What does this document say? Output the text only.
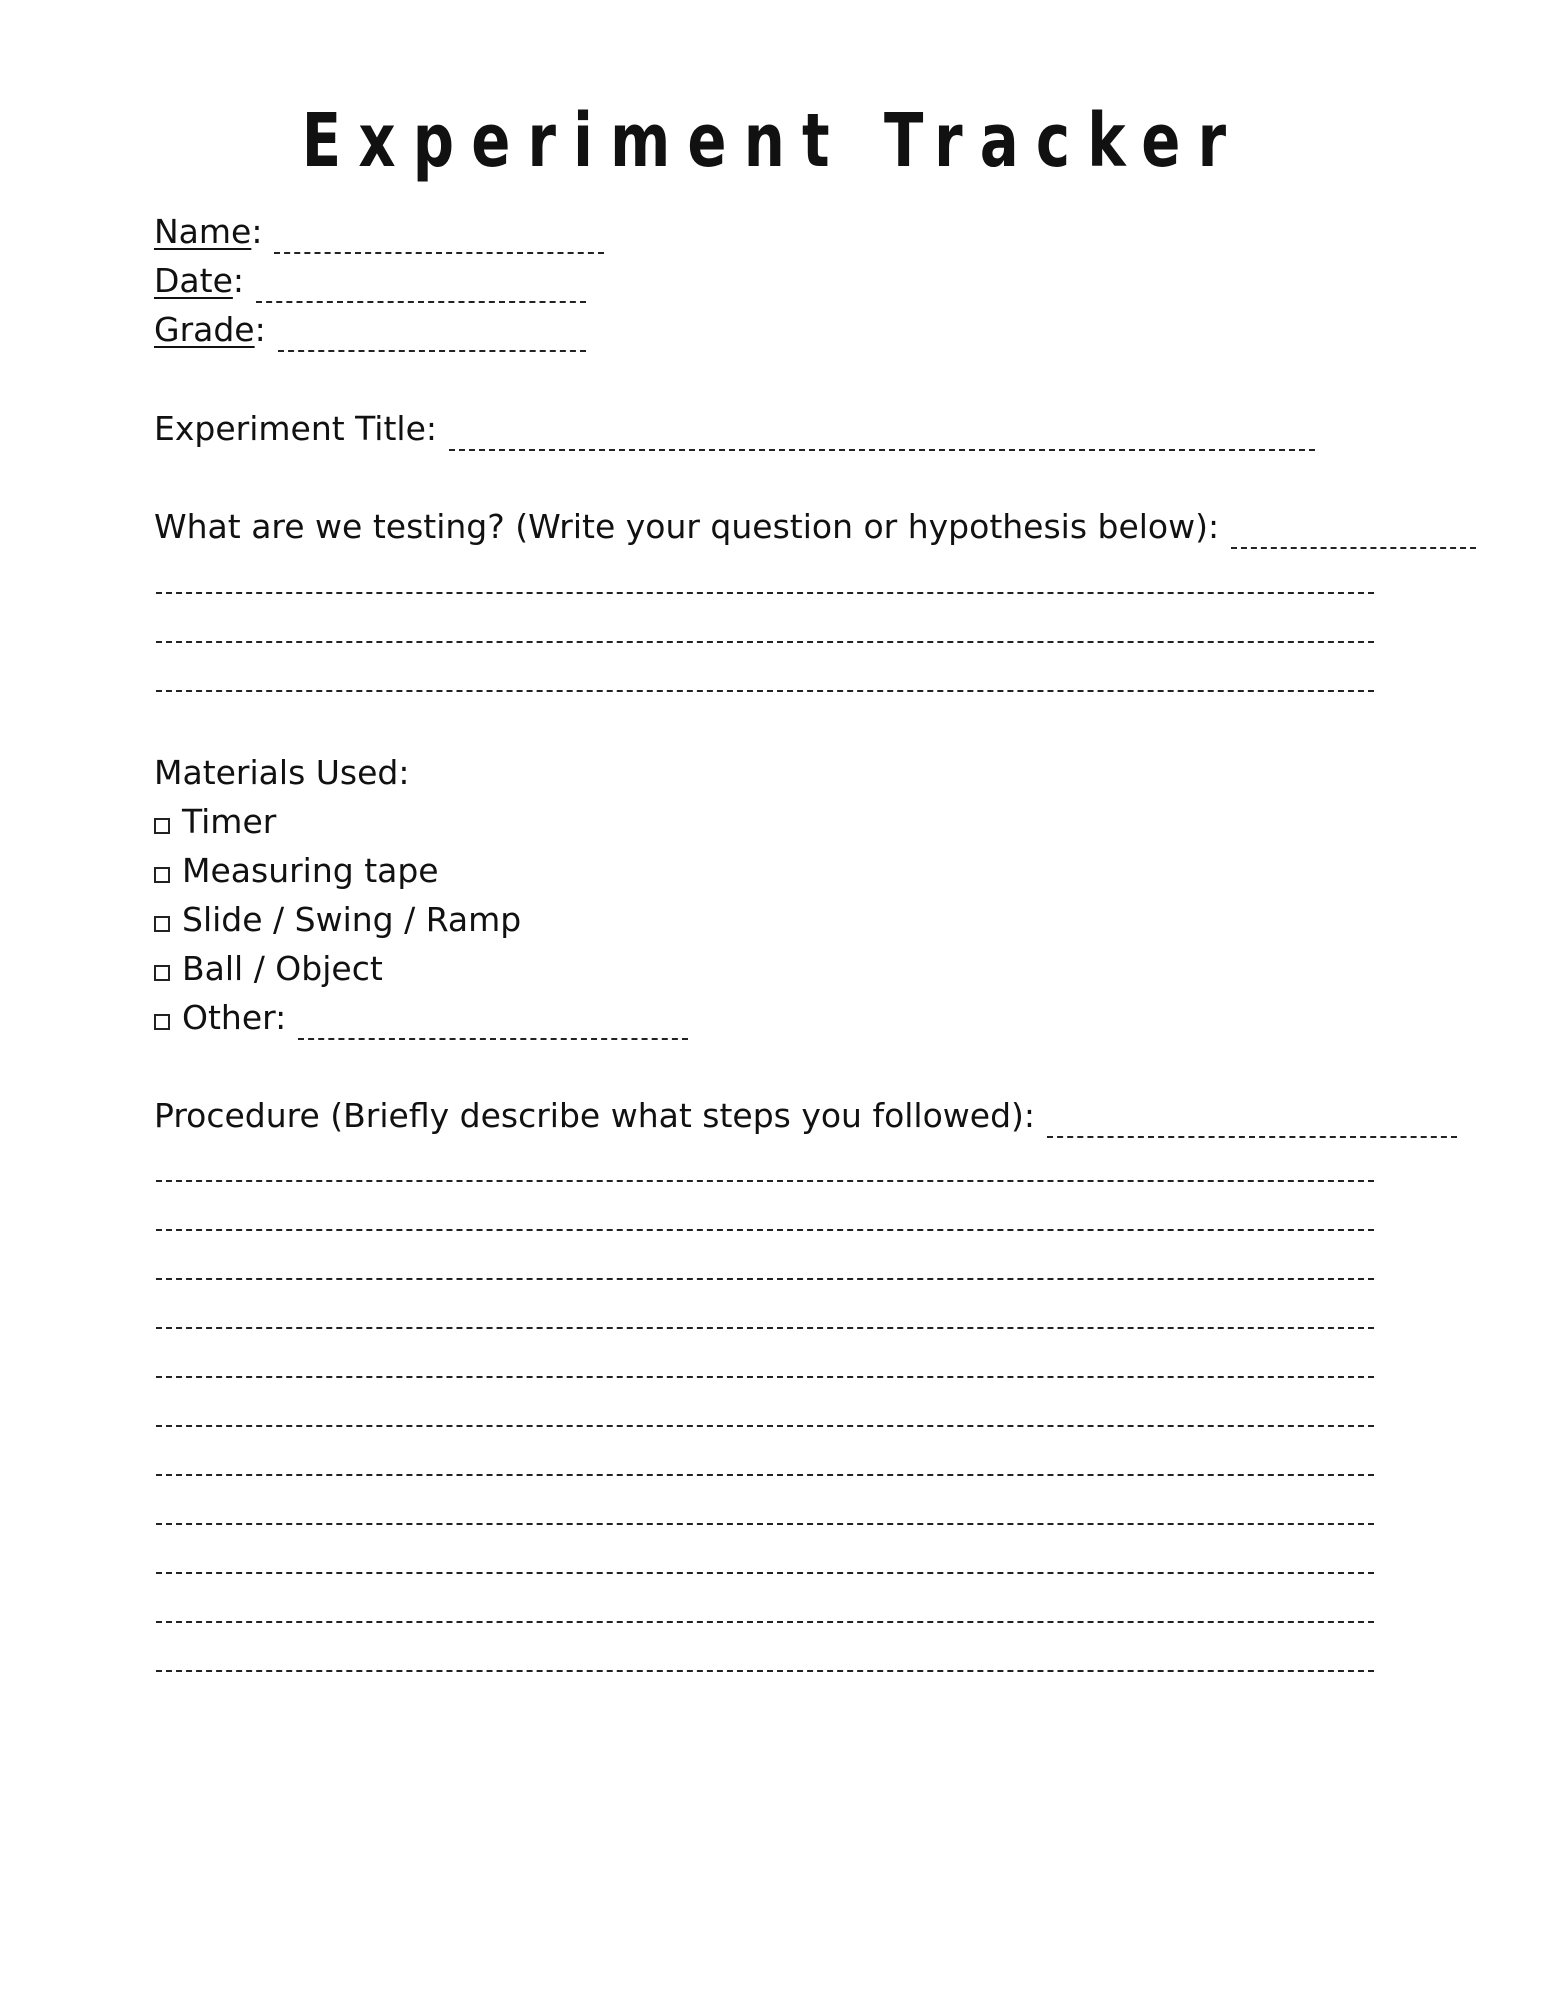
Experiment Tracker
Name :
Date :
Grade :
Experiment Title:
What are we testing? (Write your question or hypothesis below):
Materials Used:
Timer
Measuring tape
Slide / Swing / Ramp
Ball / Object
Other:
Procedure (Briefly describe what steps you followed):
